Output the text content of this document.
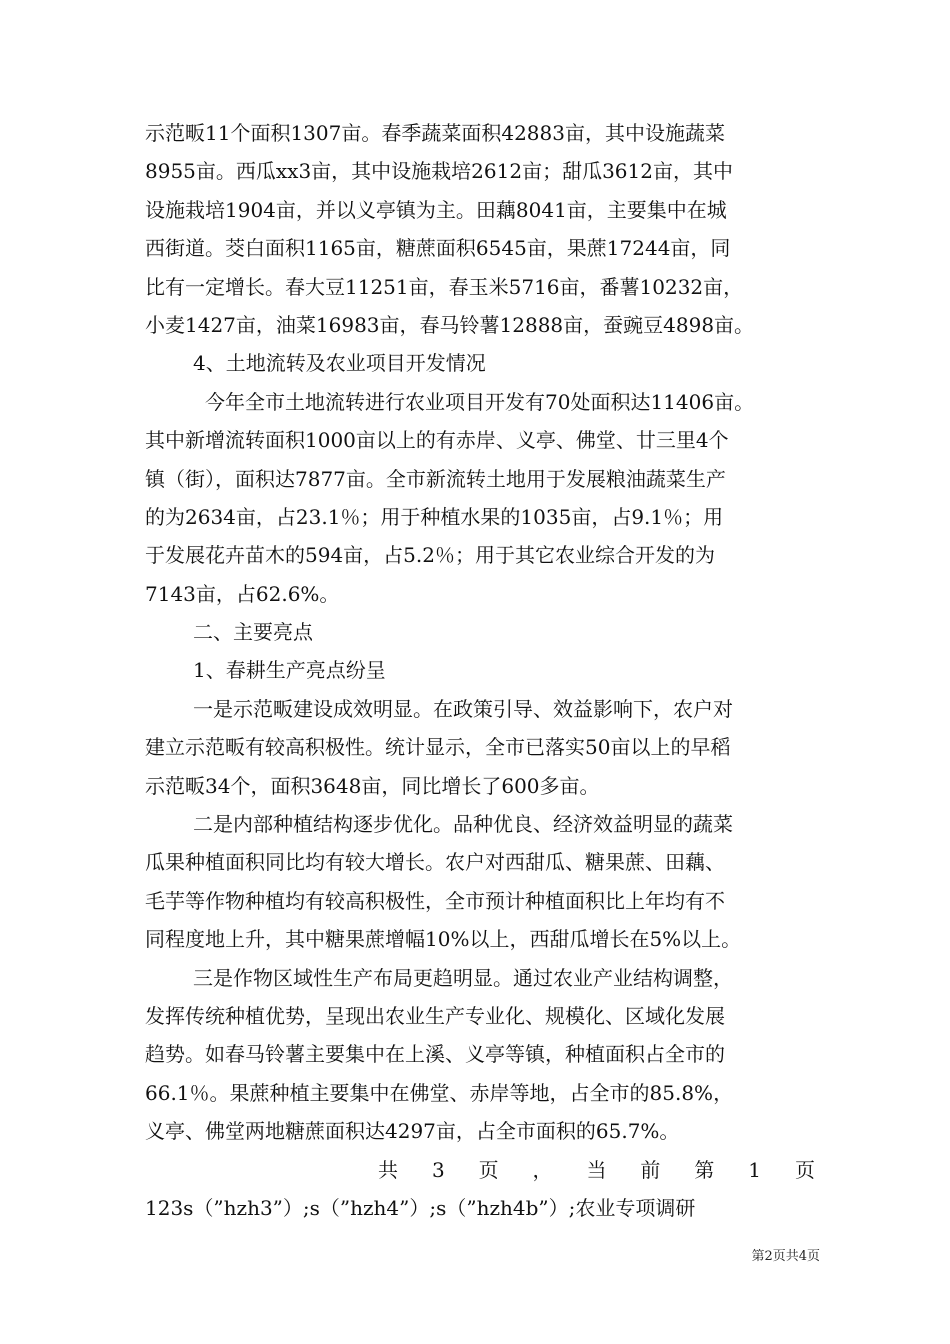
示范畈11个面积1307亩。春季蔬菜面积42883亩，其中设施蔬菜
8955亩。西瓜xx3亩，其中设施栽培2612亩；甜瓜3612亩，其中
设施栽培1904亩，并以义亭镇为主。田藕8041亩，主要集中在城
西街道。茭白面积1165亩，糖蔗面积6545亩，果蔗17244亩，同
比有一定增长。春大豆11251亩，春玉米5716亩，番薯10232亩，
小麦1427亩，油菜16983亩，春马铃薯12888亩，蚕豌豆4898亩。
4、土地流转及农业项目开发情况
今年全市土地流转进行农业项目开发有70处面积达11406亩。
其中新增流转面积1000亩以上的有赤岸、义亭、佛堂、廿三里4个
镇（街），面积达7877亩。全市新流转土地用于发展粮油蔬菜生产
的为2634亩，占23.1％；用于种植水果的1035亩，占9.1％；用
于发展花卉苗木的594亩，占5.2％；用于其它农业综合开发的为
7143亩，占62.6%。
二、主要亮点
1、春耕生产亮点纷呈
一是示范畈建设成效明显。在政策引导、效益影响下，农户对
建立示范畈有较高积极性。统计显示，全市已落实50亩以上的早稻
示范畈34个，面积3648亩，同比增长了600多亩。
二是内部种植结构逐步优化。品种优良、经济效益明显的蔬菜
瓜果种植面积同比均有较大增长。农户对西甜瓜、糖果蔗、田藕、
毛芋等作物种植均有较高积极性，全市预计种植面积比上年均有不
同程度地上升，其中糖果蔗增幅10%以上，西甜瓜增长在5%以上。
三是作物区域性生产布局更趋明显。通过农业产业结构调整，
发挥传统种植优势，呈现出农业生产专业化、规模化、区域化发展
趋势。如春马铃薯主要集中在上溪、义亭等镇，种植面积占全市的
66.1％。果蔗种植主要集中在佛堂、赤岸等地，占全市的85.8%，
义亭、佛堂两地糖蔗面积达4297亩，占全市面积的65.7%。
共 3 页 ， 当 前 第 1 页
123s（”hzh3”）;s（”hzh4”）;s（”hzh4b”）;农业专项调研
第2页共4页
